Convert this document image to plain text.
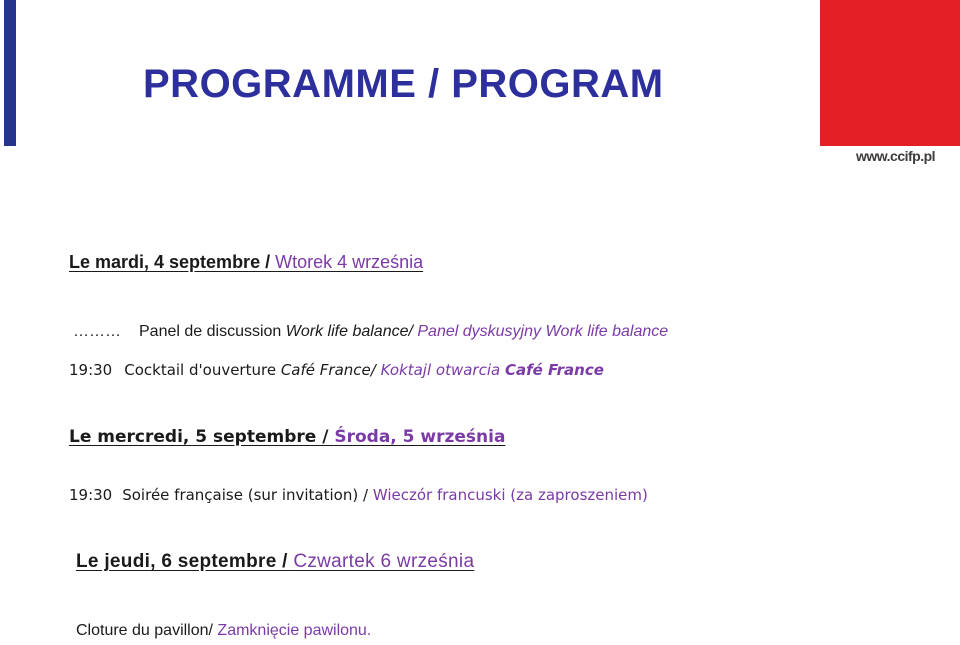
PROGRAMME / PROGRAM
www.ccifp.pl
Le mardi, 4 septembre / Wtorek 4 września
……… Panel de discussion Work life balance/ Panel dyskusyjny Work life balance
19:30 Cocktail d'ouverture Café France/ Koktajl otwarcia Café France
Le mercredi, 5 septembre / Środa, 5 września
19:30 Soirée française (sur invitation) / Wieczór francuski (za zaproszeniem)
Le jeudi, 6 septembre / Czwartek 6 września
Cloture du pavillon/ Zamknięcie pawilonu.
